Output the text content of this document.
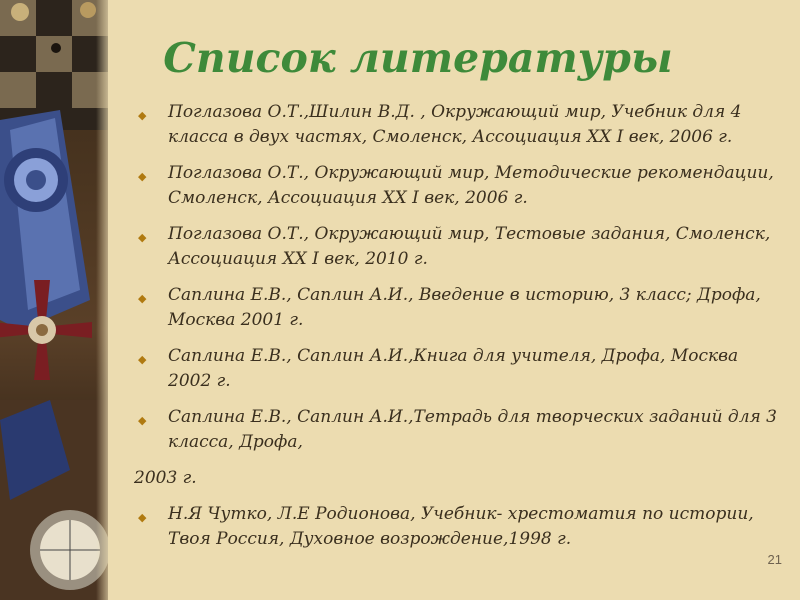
Список литературы
◆ Поглазова О.Т.,Шилин В.Д. , Окружающий мир, Учебник для 4 класса в двух частях, Смоленск, Ассоциация XX I век, 2006 г.
◆ Поглазова О.Т., Окружающий мир, Методические рекомендации, Смоленск, Ассоциация XX I век, 2006 г.
◆ Поглазова О.Т., Окружающий мир, Тестовые задания, Смоленск, Ассоциация XX I век, 2010 г.
◆ Саплина Е.В., Саплин А.И., Введение в историю, 3 класс; Дрофа, Москва 2001 г.
◆ Саплина Е.В., Саплин А.И.,Книга для учителя, Дрофа, Москва 2002 г.
◆ Саплина Е.В., Саплин А.И.,Тетрадь для творческих заданий для 3 класса, Дрофа,
2003 г.
◆ Н.Я Чутко, Л.Е Родионова, Учебник- хрестоматия по истории, Твоя Россия, Духовное возрождение,1998 г.
21
